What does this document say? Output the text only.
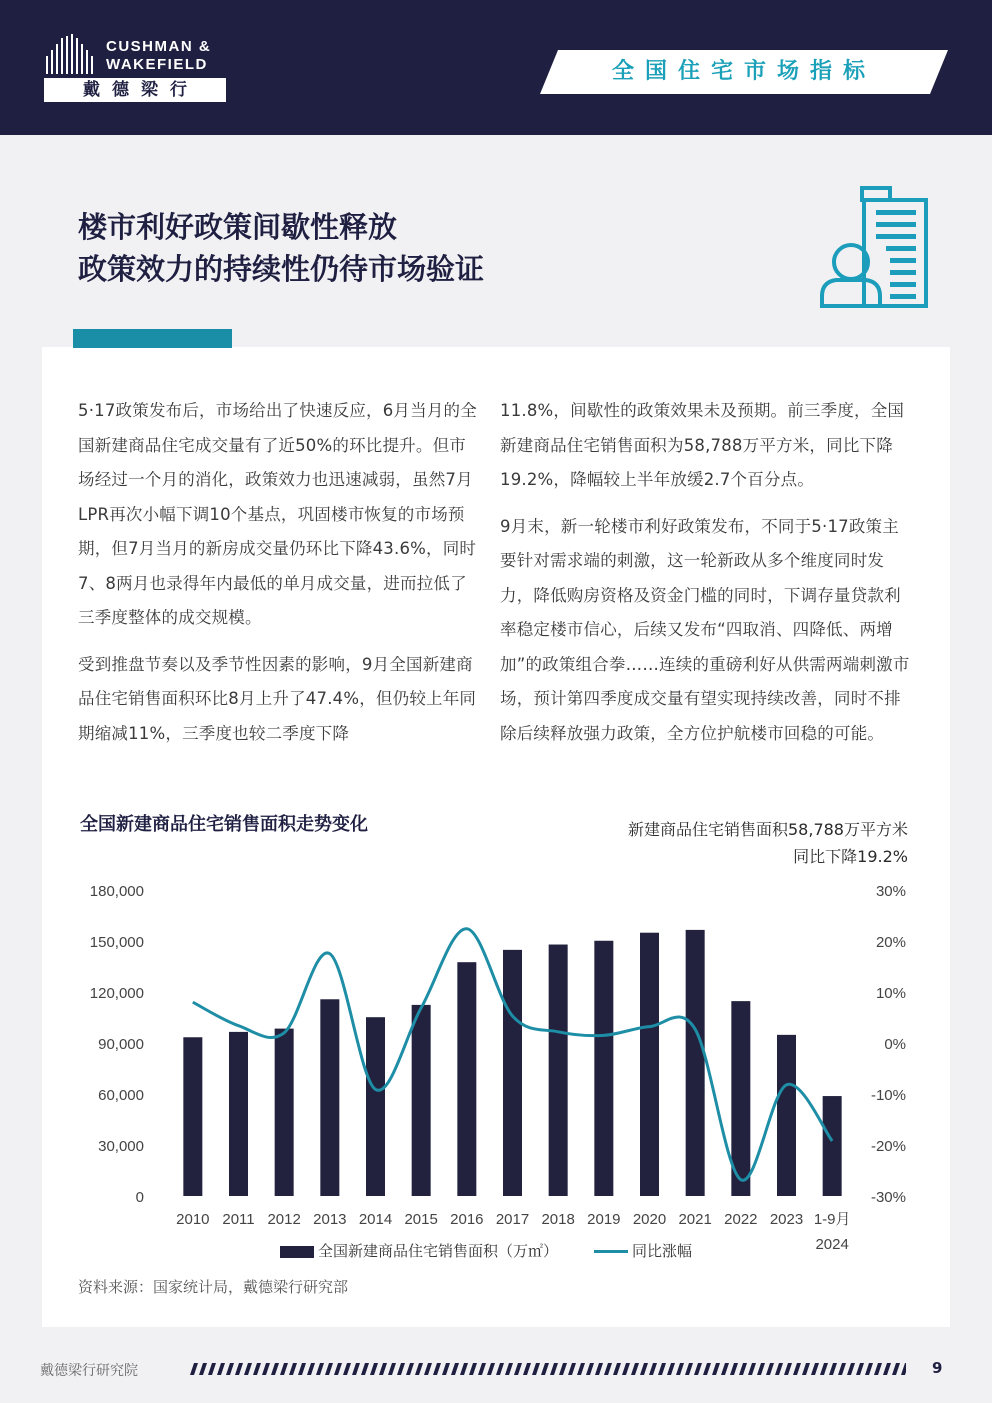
CUSHMAN &
WAKEFIELD
戴德梁行
全国住宅市场指标
楼市利好政策间歇性释放
政策效力的持续性仍待市场验证

5·17政策发布后，市场给出了快速反应，6月当月的全国新建商品住宅成交量有了近50%的环比提升。但市场经过一个月的消化，政策效力也迅速减弱，虽然7月LPR再次小幅下调10个基点，巩固楼市恢复的市场预期，但7月当月的新房成交量仍环比下降43.6%，同时7、8两月也录得年内最低的单月成交量，进而拉低了三季度整体的成交规模。

受到推盘节奏以及季节性因素的影响，9月全国新建商品住宅销售面积环比8月上升了47.4%，但仍较上年同期缩减11%，三季度也较二季度下降

11.8%，间歇性的政策效果未及预期。前三季度，全国新建商品住宅销售面积为58,788万平方米，同比下降19.2%，降幅较上半年放缓2.7个百分点。

9月末，新一轮楼市利好政策发布，不同于5·17政策主要针对需求端的刺激，这一轮新政从多个维度同时发力，降低购房资格及资金门槛的同时，下调存量贷款利率稳定楼市信心，后续又发布“四取消、四降低、两增加”的政策组合拳……连续的重磅利好从供需两端刺激市场，预计第四季度成交量有望实现持续改善，同时不排除后续释放强力政策，全方位护航楼市回稳的可能。

全国新建商品住宅销售面积走势变化	新建商品住宅销售面积58,788万平方米
同比下降19.2%
180,000
150,000
120,000
90,000
60,000
30,000
0
30%
20%
10%
0%
-10%
-20%
-30%
2010 2011 2012 2013 2014 2015 2016 2017 2018 2019 2020 2021 2022 2023 1-9月
2024
全国新建商品住宅销售面积（万㎡）	同比涨幅
资料来源：国家统计局，戴德梁行研究部
戴德梁行研究院	9
